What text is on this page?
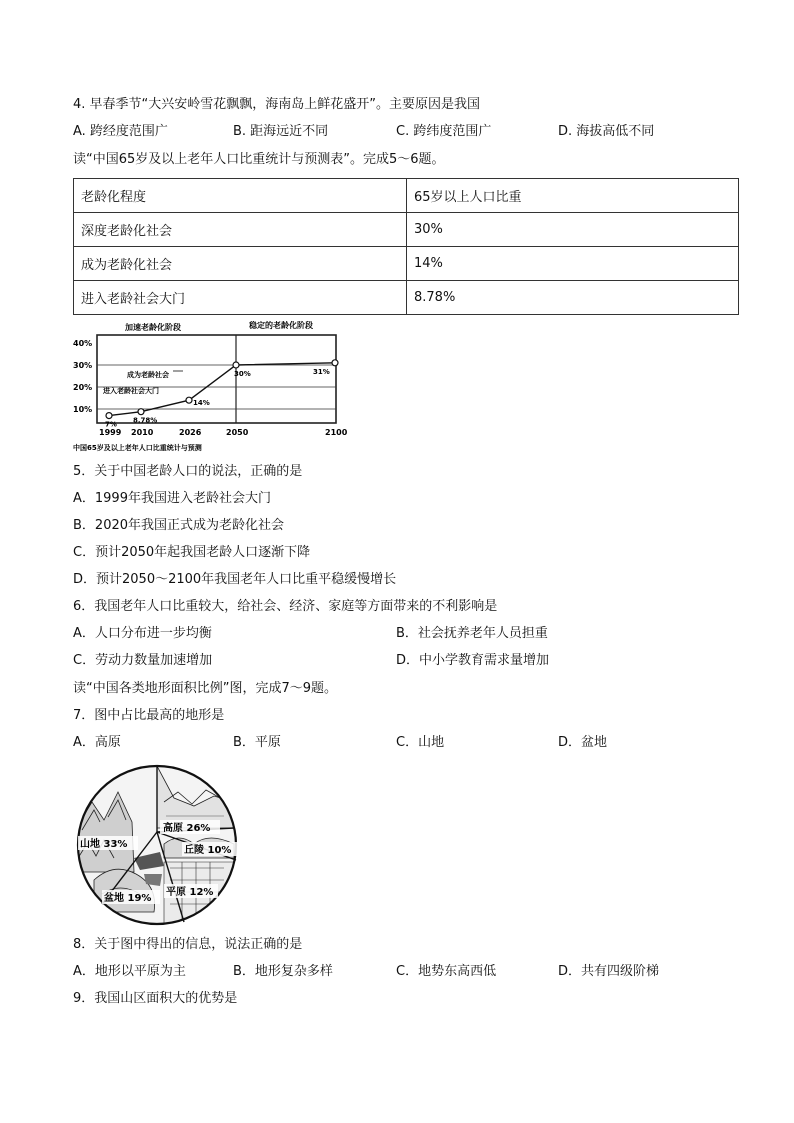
4. 早春季节“大兴安岭雪花飘飘，海南岛上鲜花盛开”。主要原因是我国
A. 跨经度范围广	B. 距海远近不同	C. 跨纬度范围广	D. 海拔高低不同
读“中国65岁及以上老年人口比重统计与预测表”。完成5～6题。
老龄化程度	65岁以上人口比重
深度老龄化社会	30%
成为老龄化社会	14%
进入老龄社会大门	8.78%
加速老龄化阶段	稳定的老龄化阶段
40%
30%
20%
10%
1999 2010	2026	2050	2100
7% 8.78%
14%
30%	31%
成为老龄社会
进入老龄社会大门
中国65岁及以上老年人口比重统计与预测
5．关于中国老龄人口的说法，正确的是
A．1999年我国进入老龄社会大门
B．2020年我国正式成为老龄化社会
C．预计2050年起我国老龄人口逐渐下降
D．预计2050～2100年我国老年人口比重平稳缓慢增长
6．我国老年人口比重较大，给社会、经济、家庭等方面带来的不利影响是
A．人口分布进一步均衡	B．社会抚养老年人员担重
C．劳动力数量加速增加	D．中小学教育需求量增加
读“中国各类地形面积比例”图，完成7～9题。
7．图中占比最高的地形是
A．高原	B．平原	C．山地	D．盆地
高原 26%
山地 33%
丘陵 10%
平原 12%
盆地 19%
8．关于图中得出的信息，说法正确的是
A．地形以平原为主	B．地形复杂多样	C．地势东高西低	D．共有四级阶梯
9．我国山区面积大的优势是
